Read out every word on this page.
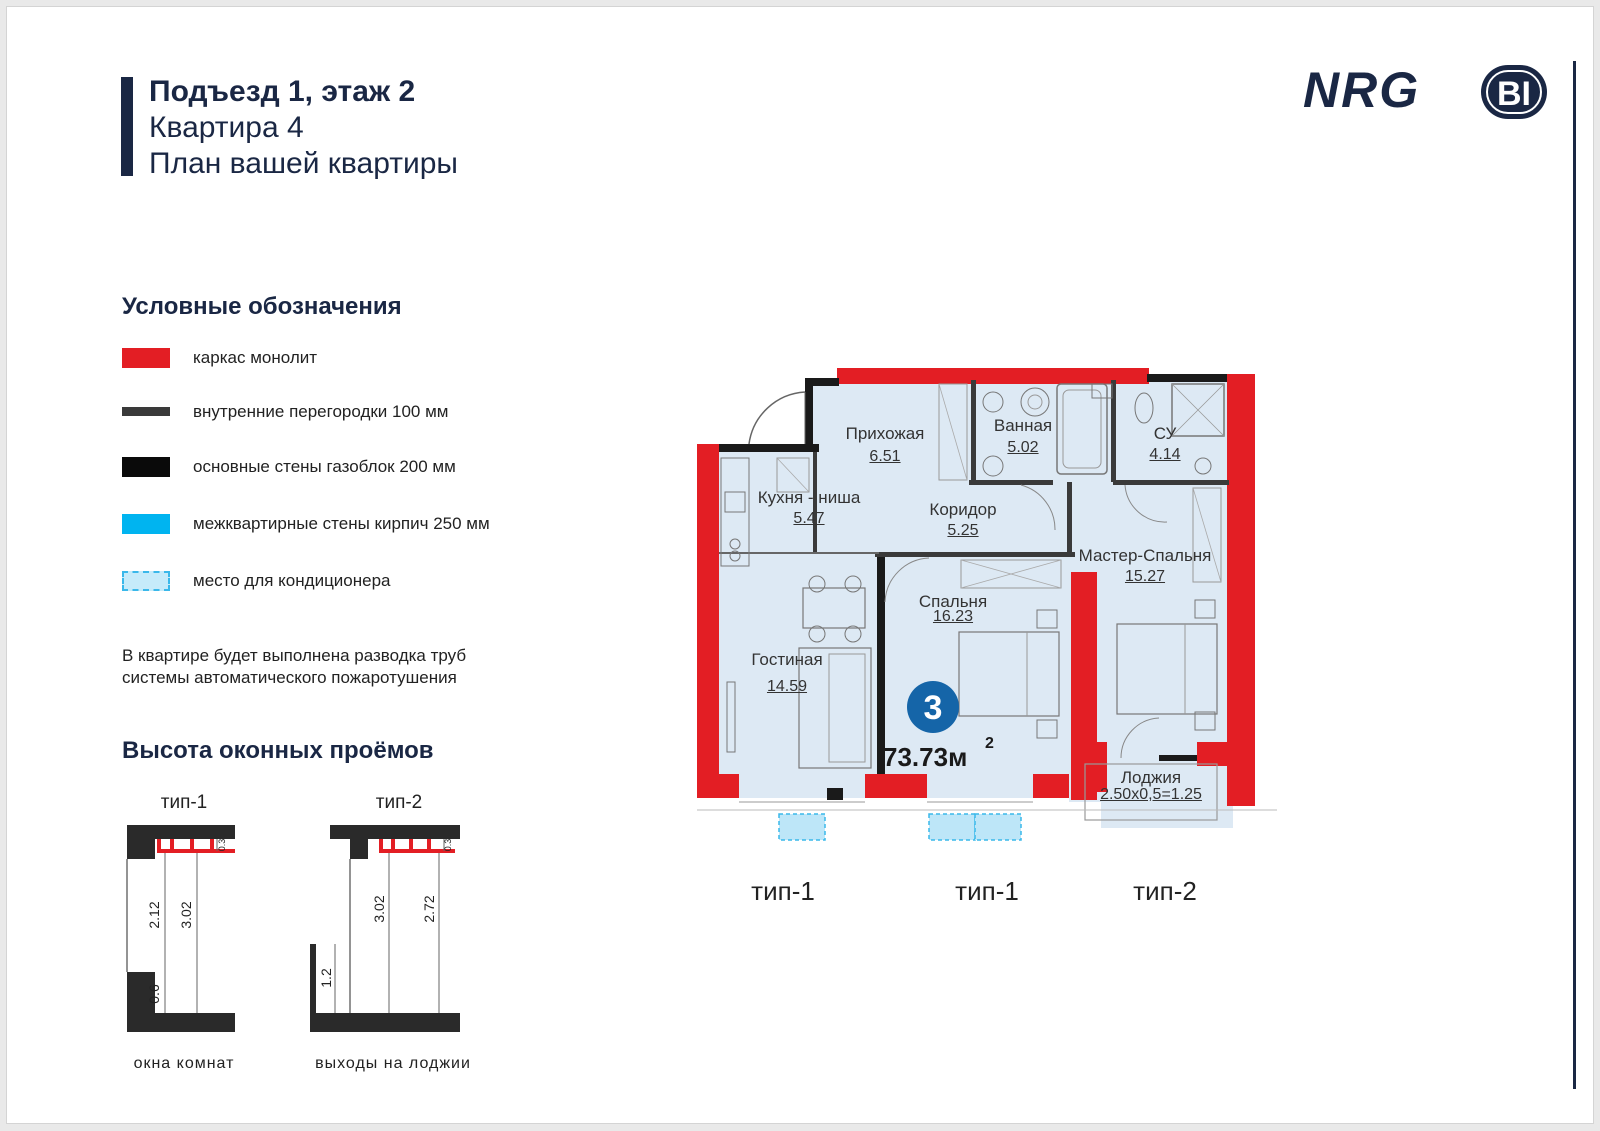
Подъезд 1, этаж 2
Квартира 4
План вашей квартиры
NRG BI
Условные обозначения
каркас монолит
внутренние перегородки 100 мм
основные стены газоблок 200 мм
межквартирные стены кирпич 250 мм
место для кондиционера
В квартире будет выполнена разводка труб
системы автоматического пожаротушения
Высота оконных проёмов
тип-1	тип-2
2.12 3.02
0.6
0.3
3.02 2.72
1.2
0.3
окна комнат	выходы на лоджии
3
73.73м 2
Прихожая
6.51
Ванная
5.02
СУ
4.14
Кухня - ниша
5.47	Коридор
5.25
Мастер-Спальня
15.27
Спальня
16.23
Гостиная
14.59
Лоджия
2.50x0,5=1.25
тип-1	тип-1	тип-2
